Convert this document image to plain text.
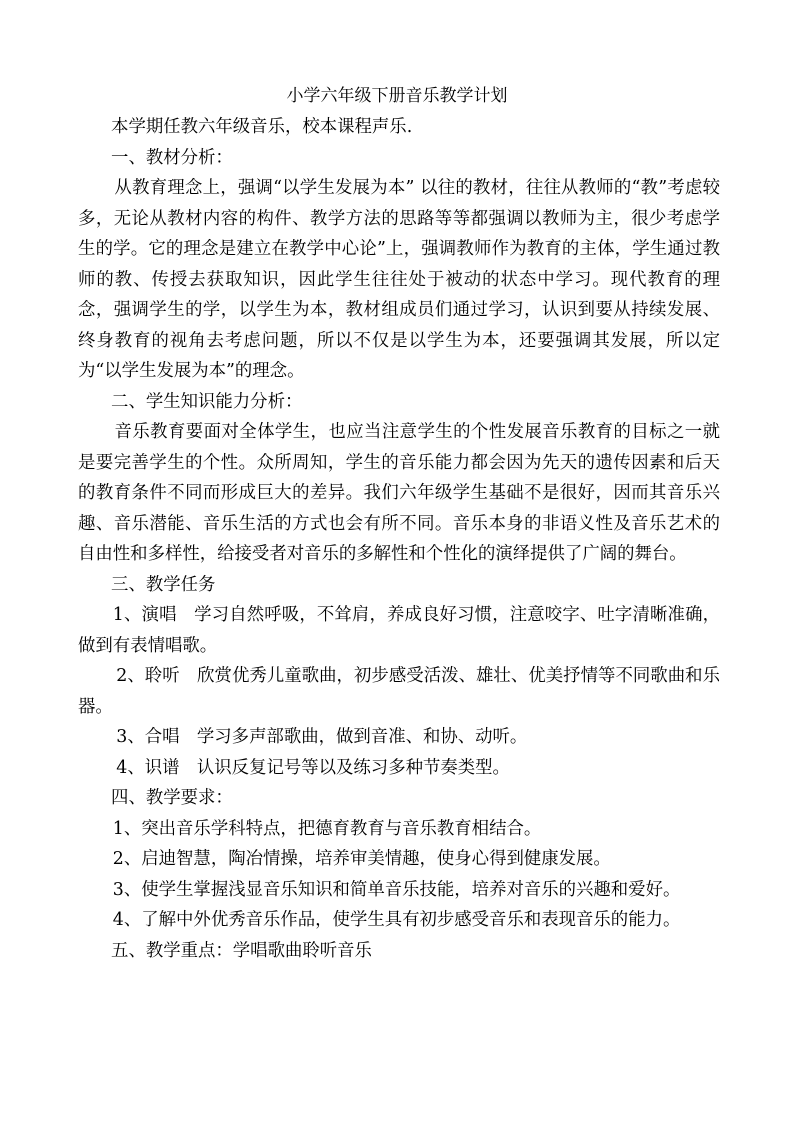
小学六年级下册音乐教学计划

本学期任教六年级音乐，校本课程声乐.

一、教材分析：

从教育理念上，强调“以学生发展为本” 以往的教材，往往从教师的“教”考虑较多，无论从教材内容的构件、教学方法的思路等等都强调以教师为主，很少考虑学生的学。它的理念是建立在教学中心论”上，强调教师作为教育的主体，学生通过教师的教、传授去获取知识，因此学生往往处于被动的状态中学习。现代教育的理念，强调学生的学，以学生为本，教材组成员们通过学习，认识到要从持续发展、终身教育的视角去考虑问题，所以不仅是以学生为本，还要强调其发展，所以定为“以学生发展为本”的理念。

二、学生知识能力分析：

音乐教育要面对全体学生，也应当注意学生的个性发展音乐教育的目标之一就是要完善学生的个性。众所周知，学生的音乐能力都会因为先天的遗传因素和后天的教育条件不同而形成巨大的差异。我们六年级学生基础不是很好，因而其音乐兴趣、音乐潜能、音乐生活的方式也会有所不同。音乐本身的非语义性及音乐艺术的自由性和多样性，给接受者对音乐的多解性和个性化的演绎提供了广阔的舞台。

三、教学任务

1、演唱　学习自然呼吸，不耸肩，养成良好习惯，注意咬字、吐字清晰准确，做到有表情唱歌。

2、聆听　欣赏优秀儿童歌曲，初步感受活泼、雄壮、优美抒情等不同歌曲和乐器。

3、合唱　学习多声部歌曲，做到音准、和协、动听。

4、识谱　认识反复记号等以及练习多种节奏类型。

四、教学要求：

1、突出音乐学科特点，把德育教育与音乐教育相结合。

2、启迪智慧，陶冶情操，培养审美情趣，使身心得到健康发展。

3、使学生掌握浅显音乐知识和简单音乐技能，培养对音乐的兴趣和爱好。

4、了解中外优秀音乐作品，使学生具有初步感受音乐和表现音乐的能力。

五、教学重点：学唱歌曲聆听音乐
